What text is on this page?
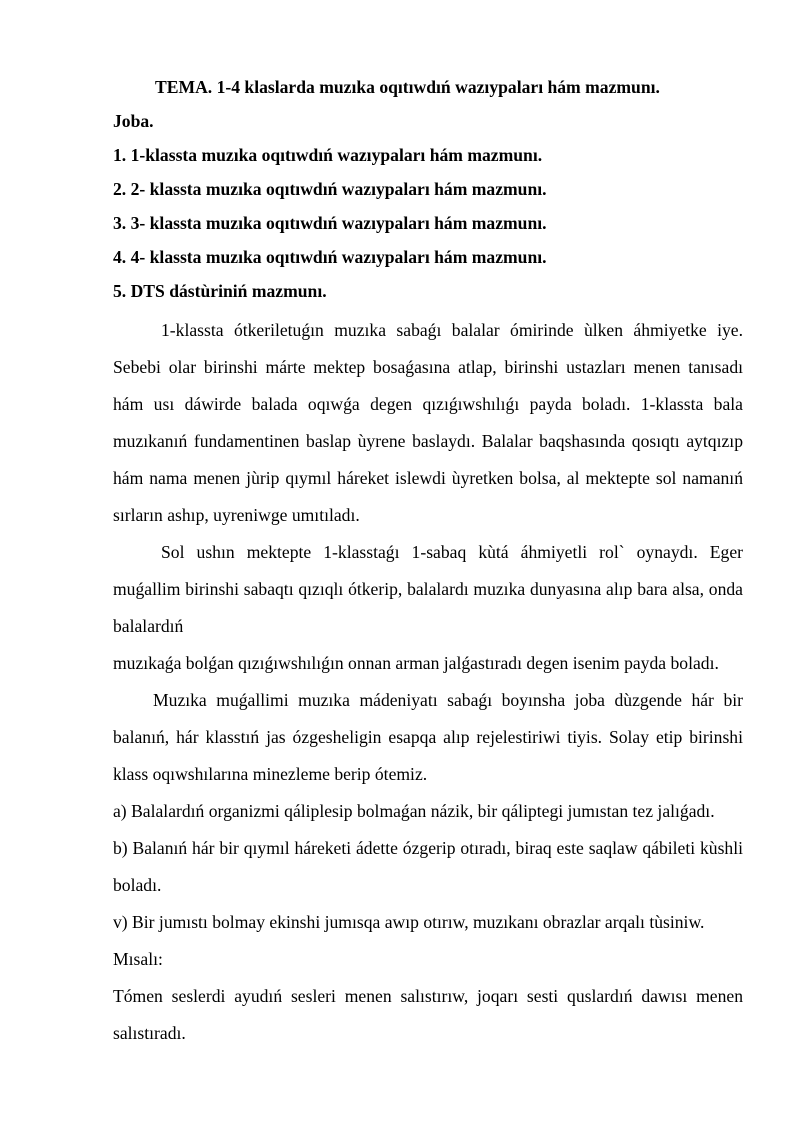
TEMA. 1-4 klaslarda muzıka oqıtıwdıń wazıypaları hám mazmunı.

Joba.

1. 1-klassta muzıka oqıtıwdıń wazıypaları hám mazmunı.

2. 2- klassta muzıka oqıtıwdıń wazıypaları hám mazmunı.

3. 3- klassta muzıka oqıtıwdıń wazıypaları hám mazmunı.

4. 4- klassta muzıka oqıtıwdıń wazıypaları hám mazmunı.

5. DTS dástùriniń mazmunı.

1-klassta ótkeriletuǵın muzıka sabaǵı balalar ómirinde ùlken áhmiyetke iye. Sebebi olar birinshi márte mektep bosaǵasına atlap, birinshi ustazları menen tanısadı hám usı dáwirde balada oqıwǵa degen qızıǵıwshılıǵı payda boladı. 1-klassta bala muzıkanıń fundamentinen baslap ùyrene baslaydı. Balalar baqshasında qosıqtı aytqızıp hám nama menen jùrip qıymıl háreket islewdi ùyretken bolsa, al mektepte sol namanıń sırların ashıp, uyreniwge umıtıladı.

Sol ushın mektepte 1-klasstaǵı 1-sabaq kùtá áhmiyetli rol` oynaydı. Eger muǵallim birinshi sabaqtı qızıqlı ótkerip, balalardı muzıka dunyasına alıp bara alsa, onda balalardıń

muzıkaǵa bolǵan qızıǵıwshılıǵın onnan arman jalǵastıradı degen isenim payda boladı.

Muzıka muǵallimi muzıka mádeniyatı sabaǵı boyınsha joba dùzgende hár bir balanıń, hár klasstıń jas ózgesheligin esapqa alıp rejelestiriwi tiyis. Solay etip birinshi klass oqıwshılarına minezleme berip ótemiz.

a) Balalardıń organizmi qáliplesip bolmaǵan názik, bir qáliptegi jumıstan tez jalıǵadı.

b) Balanıń hár bir qıymıl háreketi ádette ózgerip otıradı, biraq este saqlaw qábileti kùshli boladı.

v) Bir jumıstı bolmay ekinshi jumısqa awıp otırıw, muzıkanı obrazlar arqalı tùsiniw.

Mısalı:

Tómen seslerdi ayudıń sesleri menen salıstırıw, joqarı sesti quslardıń dawısı menen salıstıradı.
